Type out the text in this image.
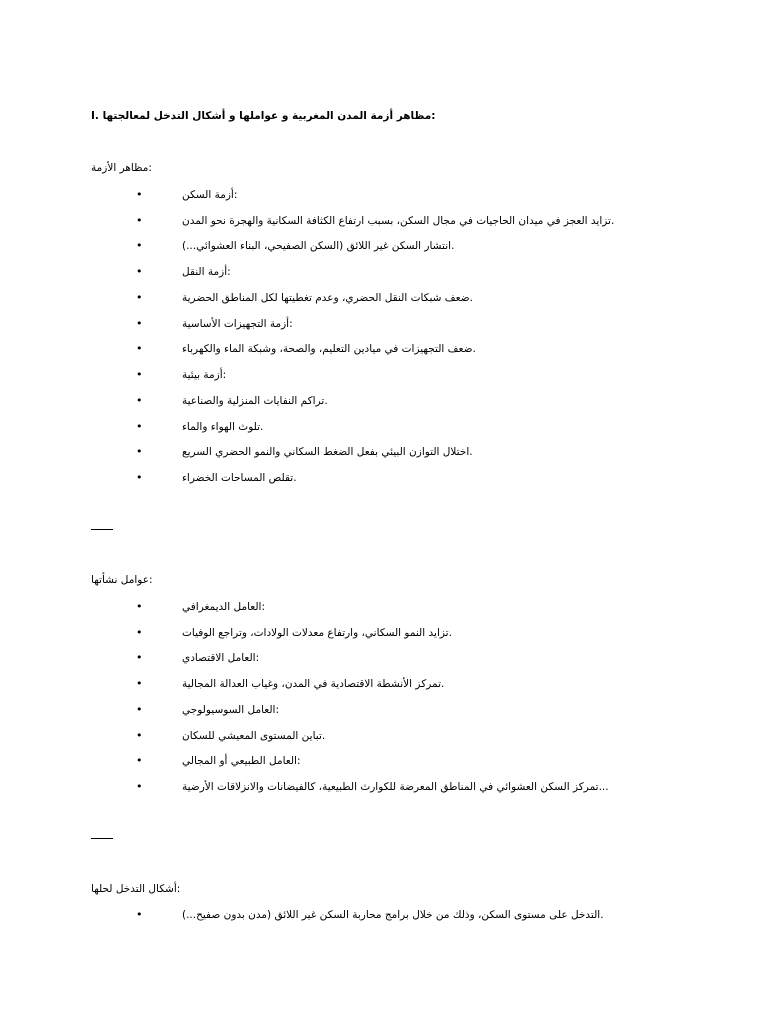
I. مظاهر أزمة المدن المغربية و عواملها و أشكال التدخل لمعالجتها:
مظاهر الأزمة:
•	أزمة السكن:
•	تزايد العجز في ميدان الحاجيات في مجال السكن، بسبب ارتفاع الكثافة السكانية والهجرة نحو المدن.
•	انتشار السكن غير اللائق (السكن الصفيحي، البناء العشوائي...).
•	أزمة النقل:
•	ضعف شبكات النقل الحضري، وعدم تغطيتها لكل المناطق الحضرية.
•	أزمة التجهيزات الأساسية:
•	ضعف التجهيزات في ميادين التعليم، والصحة، وشبكة الماء والكهرباء.
•	أزمة بيئية:
•	تراكم النفايات المنزلية والصناعية.
•	تلوث الهواء والماء.
•	اختلال التوازن البيئي بفعل الضغط السكاني والنمو الحضري السريع.
•	تقلص المساحات الخضراء.
عوامل نشأتها:
•	العامل الديمغرافي:
•	تزايد النمو السكاني، وارتفاع معدلات الولادات، وتراجع الوفيات.
•	العامل الاقتصادي:
•	تمركز الأنشطة الاقتصادية في المدن، وغياب العدالة المجالية.
•	العامل السوسيولوجي:
•	تباين المستوى المعيشي للسكان.
•	العامل الطبيعي أو المجالي:
•	تمركز السكن العشوائي في المناطق المعرضة للكوارث الطبيعية، كالفيضانات والانزلاقات الأرضية...
أشكال التدخل لحلها:
•	التدخل على مستوى السكن، وذلك من خلال برامج محاربة السكن غير اللائق (مدن بدون صفيح...).
